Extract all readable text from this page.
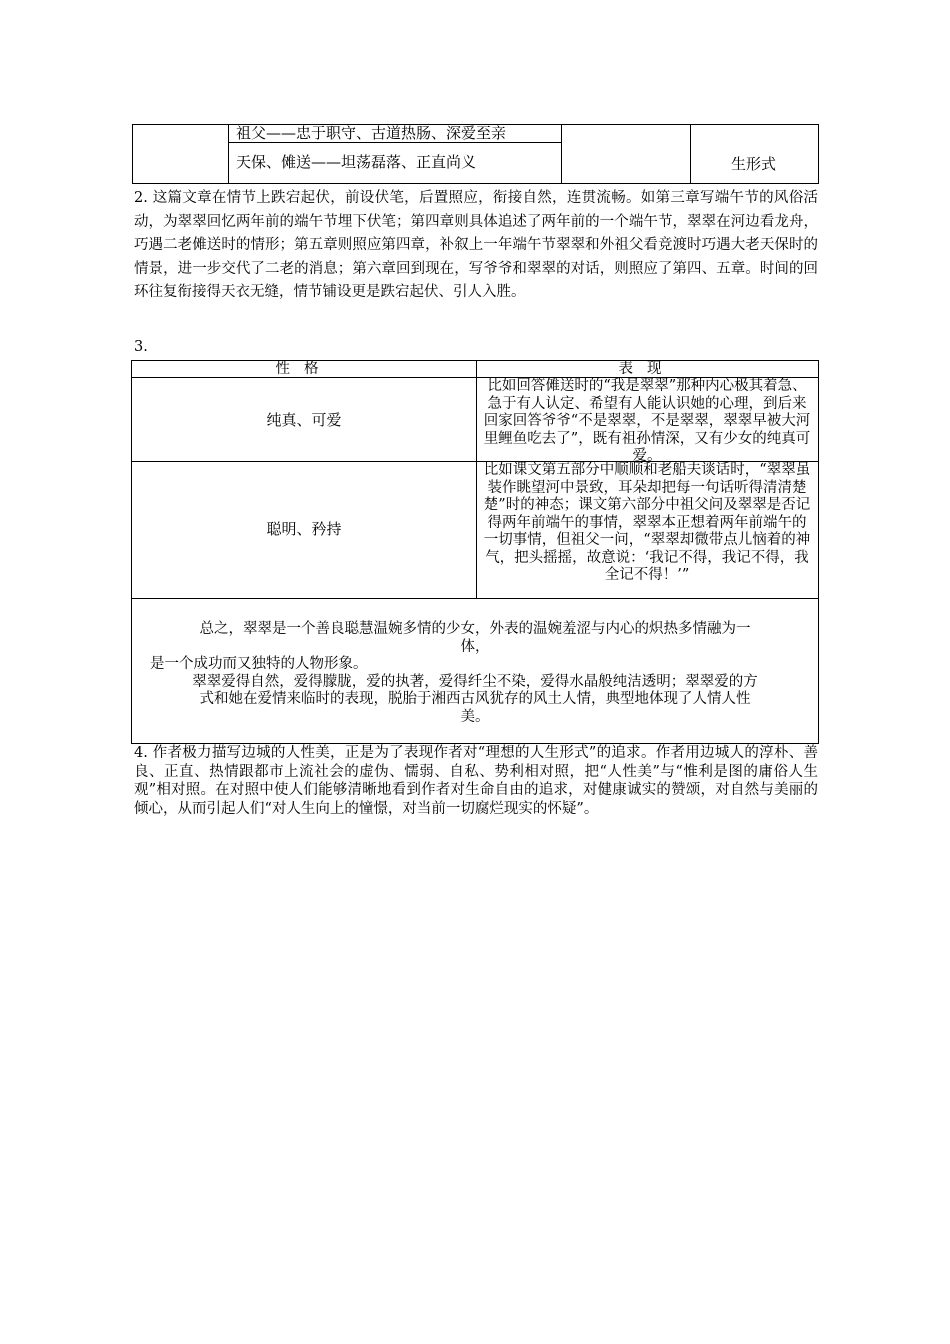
祖父——忠于职守、古道热肠、深爱至亲
天保、傩送——坦荡磊落、正直尚义	生形式
2. 这篇文章在情节上跌宕起伏，前设伏笔，后置照应，衔接自然，连贯流畅。如第三章写端午节的风俗活动，为翠翠回忆两年前的端午节埋下伏笔；第四章则具体追述了两年前的一个端午节，翠翠在河边看龙舟，巧遇二老傩送时的情形；第五章则照应第四章，补叙上一年端午节翠翠和外祖父看竞渡时巧遇大老天保时的情景，进一步交代了二老的消息；第六章回到现在，写爷爷和翠翠的对话，则照应了第四、五章。时间的回环往复衔接得天衣无缝，情节铺设更是跌宕起伏、引人入胜。
3.
性格	表现
纯真、可爱
比如回答傩送时的“我是翠翠”那种内心极其着急、急于有人认定、希望有人能认识她的心理，到后来回家回答爷爷“不是翠翠，不是翠翠，翠翠早被大河里鲤鱼吃去了”，既有祖孙情深，又有少女的纯真可爱。
聪明、矜持
比如课文第五部分中顺顺和老船夫谈话时，“翠翠虽装作眺望河中景致，耳朵却把每一句话听得清清楚楚”时的神态；课文第六部分中祖父问及翠翠是否记得两年前端午的事情，翠翠本正想着两年前端午的一切事情，但祖父一问，“翠翠却微带点儿恼着的神气，把头摇摇，故意说：‘我记不得，我记不得，我全记不得！’”
总之，翠翠是一个善良聪慧温婉多情的少女，外表的温婉羞涩与内心的炽热多情融为一
体，
是一个成功而又独特的人物形象。
翠翠爱得自然，爱得朦胧，爱的执著，爱得纤尘不染，爱得水晶般纯洁透明；翠翠爱的方
式和她在爱情来临时的表现，脱胎于湘西古风犹存的风土人情，典型地体现了人情人性
美。
4. 作者极力描写边城的人性美，正是为了表现作者对“理想的人生形式”的追求。作者用边城人的淳朴、善良、正直、热情跟都市上流社会的虚伪、懦弱、自私、势利相对照，把“人性美”与“惟利是图的庸俗人生观”相对照。在对照中使人们能够清晰地看到作者对生命自由的追求，对健康诚实的赞颂，对自然与美丽的倾心，从而引起人们“对人生向上的憧憬，对当前一切腐烂现实的怀疑”。
